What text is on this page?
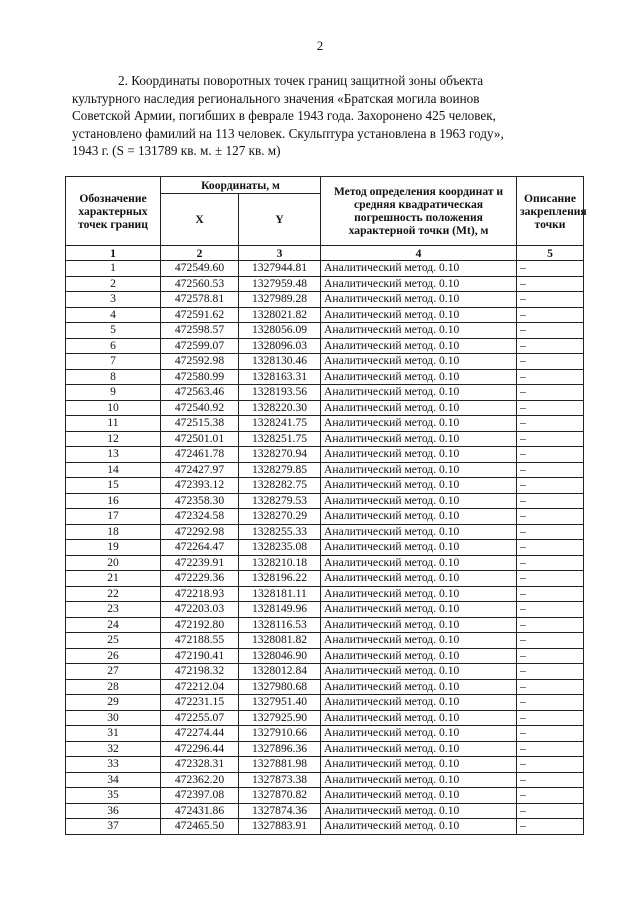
2
2. Координаты поворотных точек границ защитной зоны объекта
культурного наследия регионального значения «Братская могила воинов
Советской Армии, погибших в феврале 1943 года. Захоронено 425 человек,
установлено фамилий на 113 человек. Скульптура установлена в 1963 году»,
1943 г. (S = 131789 кв. м. ± 127 кв. м)
Обозначение характерных точек границ	Координаты, м		Метод определения координат и средняя квадратическая погрешность положения характерной точки (Мt), м	Описание закрепления точки
	X	Y		
1	2	3	4	5
1	472549.60	1327944.81	Аналитический метод. 0.10	–
2	472560.53	1327959.48	Аналитический метод. 0.10	–
3	472578.81	1327989.28	Аналитический метод. 0.10	–
4	472591.62	1328021.82	Аналитический метод. 0.10	–
5	472598.57	1328056.09	Аналитический метод. 0.10	–
6	472599.07	1328096.03	Аналитический метод. 0.10	–
7	472592.98	1328130.46	Аналитический метод. 0.10	–
8	472580.99	1328163.31	Аналитический метод. 0.10	–
9	472563.46	1328193.56	Аналитический метод. 0.10	–
10	472540.92	1328220.30	Аналитический метод. 0.10	–
11	472515.38	1328241.75	Аналитический метод. 0.10	–
12	472501.01	1328251.75	Аналитический метод. 0.10	–
13	472461.78	1328270.94	Аналитический метод. 0.10	–
14	472427.97	1328279.85	Аналитический метод. 0.10	–
15	472393.12	1328282.75	Аналитический метод. 0.10	–
16	472358.30	1328279.53	Аналитический метод. 0.10	–
17	472324.58	1328270.29	Аналитический метод. 0.10	–
18	472292.98	1328255.33	Аналитический метод. 0.10	–
19	472264.47	1328235.08	Аналитический метод. 0.10	–
20	472239.91	1328210.18	Аналитический метод. 0.10	–
21	472229.36	1328196.22	Аналитический метод. 0.10	–
22	472218.93	1328181.11	Аналитический метод. 0.10	–
23	472203.03	1328149.96	Аналитический метод. 0.10	–
24	472192.80	1328116.53	Аналитический метод. 0.10	–
25	472188.55	1328081.82	Аналитический метод. 0.10	–
26	472190.41	1328046.90	Аналитический метод. 0.10	–
27	472198.32	1328012.84	Аналитический метод. 0.10	–
28	472212.04	1327980.68	Аналитический метод. 0.10	–
29	472231.15	1327951.40	Аналитический метод. 0.10	–
30	472255.07	1327925.90	Аналитический метод. 0.10	–
31	472274.44	1327910.66	Аналитический метод. 0.10	–
32	472296.44	1327896.36	Аналитический метод. 0.10	–
33	472328.31	1327881.98	Аналитический метод. 0.10	–
34	472362.20	1327873.38	Аналитический метод. 0.10	–
35	472397.08	1327870.82	Аналитический метод. 0.10	–
36	472431.86	1327874.36	Аналитический метод. 0.10	–
37	472465.50	1327883.91	Аналитический метод. 0.10	–
